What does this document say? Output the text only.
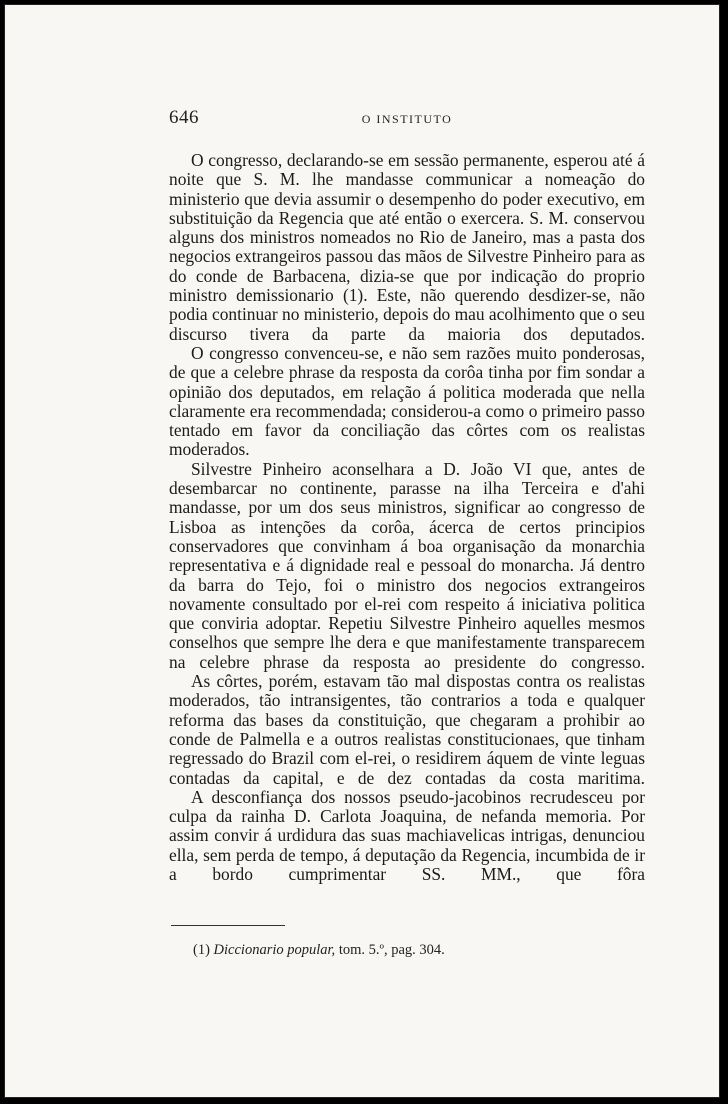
646	O INSTITUTO

O congresso, declarando-se em sessão permanente, esperou até á noite que S. M. lhe mandasse communicar a nomeação do ministerio que devia assumir o desempenho do poder executivo, em substituição da Regencia que até então o exercera. S. M. conservou alguns dos ministros nomeados no Rio de Janeiro, mas a pasta dos negocios extrangeiros passou das mãos de Silvestre Pinheiro para as do conde de Barbacena, dizia-se que por indicação do proprio ministro demissionario (1). Este, não querendo desdizer-se, não podia continuar no ministerio, depois do mau acolhimento que o seu discurso tivera da parte da maioria dos deputados.

O congresso convenceu-se, e não sem razões muito ponderosas, de que a celebre phrase da resposta da corôa tinha por fim sondar a opinião dos deputados, em relação á politica moderada que nella claramente era recommendada; considerou-a como o primeiro passo tentado em favor da conciliação das côrtes com os realistas moderados.

Silvestre Pinheiro aconselhara a D. João VI que, antes de desembarcar no continente, parasse na ilha Terceira e d'ahi mandasse, por um dos seus ministros, significar ao congresso de Lisboa as intenções da corôa, ácerca de certos principios conservadores que convinham á boa organisação da monarchia representativa e á dignidade real e pessoal do monarcha. Já dentro da barra do Tejo, foi o ministro dos negocios extrangeiros novamente consultado por el-rei com respeito á iniciativa politica que conviria adoptar. Repetiu Silvestre Pinheiro aquelles mesmos conselhos que sempre lhe dera e que manifestamente transparecem na celebre phrase da resposta ao presidente do congresso.

As côrtes, porém, estavam tão mal dispostas contra os realistas moderados, tão intransigentes, tão contrarios a toda e qualquer reforma das bases da constituição, que chegaram a prohibir ao conde de Palmella e a outros realistas constitucionaes, que tinham regressado do Brazil com el-rei, o residirem áquem de vinte leguas contadas da capital, e de dez contadas da costa maritima.

A desconfiança dos nossos pseudo-jacobinos recrudesceu por culpa da rainha D. Carlota Joaquina, de nefanda memoria. Por assim convir á urdidura das suas machiavelicas intrigas, denunciou ella, sem perda de tempo, á deputação da Regencia, incumbida de ir a bordo cumprimentar SS. MM., que fôra

(1) Diccionario popular, tom. 5.º, pag. 304.
